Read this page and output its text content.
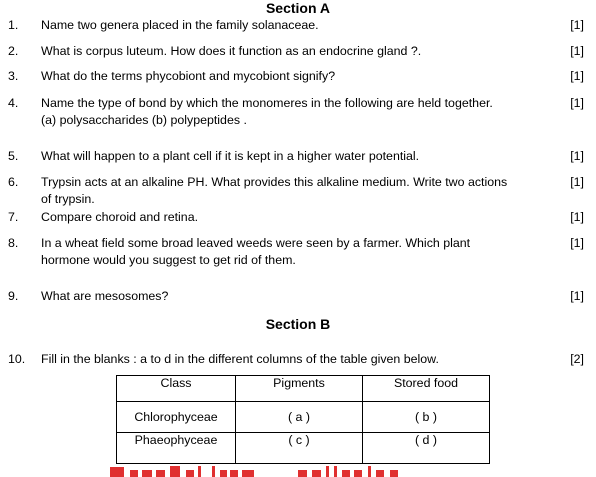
Section A
1. Name two genera placed in the family solanaceae.	[1]
2. What is corpus luteum. How does it function as an endocrine gland ?.	[1]
3. What do the terms phycobiont and mycobiont signify?	[1]
4. Name the type of bond by which the monomeres in the following are held together.
(a) polysaccharides (b) polypeptides .
[1]
5. What will happen to a plant cell if it is kept in a higher water potential.	[1]
6. Trypsin acts at an alkaline PH. What provides this alkaline medium. Write two actions
of trypsin.
[1]
7. Compare choroid and retina.	[1]
8. In a wheat field some broad leaved weeds were seen by a farmer. Which plant
hormone would you suggest to get rid of them.
[1]
9. What are mesosomes?	[1]
Section B
10. Fill in the blanks : a to d in the different columns of the table given below.	[2]
Class	Pigments	Stored food
Chlorophyceae	( a )	( b )
Phaeophyceae	( c )	( d )
